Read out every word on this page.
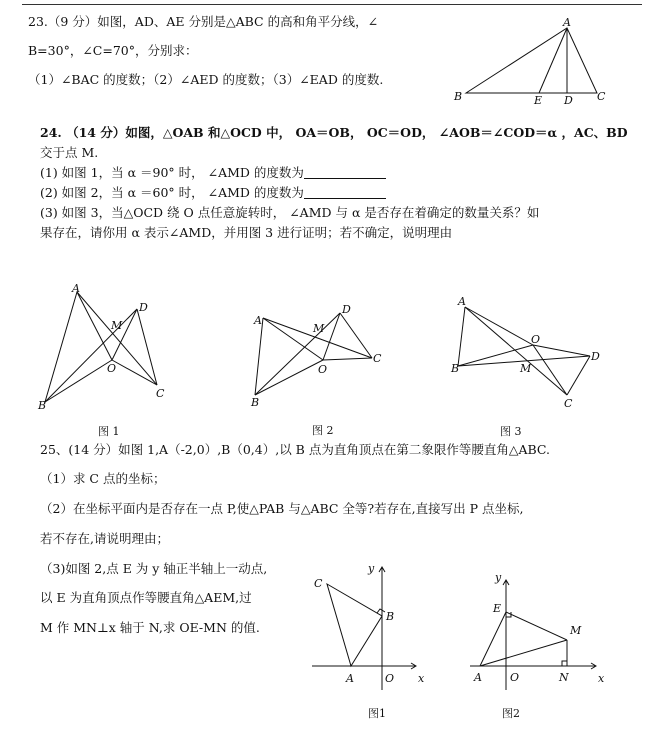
23.（9 分）如图，AD、AE 分别是△ABC 的高和角平分线，∠
B=30°，∠C=70°，分别求：
（1）∠BAC 的度数；（2）∠AED 的度数；（3）∠EAD 的度数.
A
B	E D C
24. （14 分）如图，△OAB 和△OCD 中， OA＝OB， OC＝OD， ∠AOB＝∠COD＝α ，AC、BD
交于点 M.
(1) 如图 1，当 α ＝90° 时， ∠AMD 的度数为
(2) 如图 2，当 α ＝60° 时， ∠AMD 的度数为
(3) 如图 3，当△OCD 绕 O 点任意旋转时， ∠AMD 与 α 是否存在着确定的数量关系？如
果存在，请你用 α 表示∠AMD，并用图 3 进行证明；若不确定，说明理由
A
B
C
D
M
O
图 1
A
B
C
D
M
O
图 2
A
B
C
D
M
O
图 3
25、(14 分）如图 1,A（-2,0）,B（0,4）,以 B 点为直角顶点在第二象限作等腰直角△ABC.
（1）求 C 点的坐标；
（2）在坐标平面内是否存在一点 P,使△PAB 与△ABC 全等?若存在,直接写出 P 点坐标,
若不存在,请说明理由；
（3)如图 2,点 E 为 y 轴正半轴上一动点,
以 E 为直角顶点作等腰直角△AEM,过
M 作 MN⊥x 轴于 N,求 OE-MN 的值.
y
x
C
B
A	O
图1
y
x
E
M
A	O	N
图2
